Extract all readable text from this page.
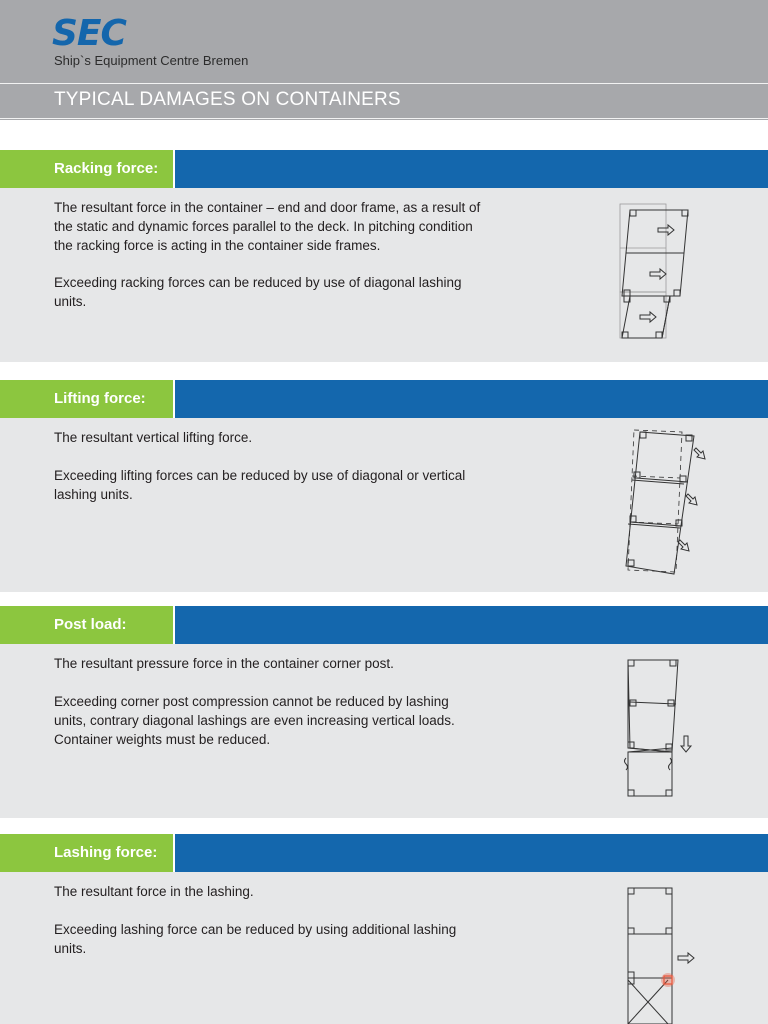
SEC
Ship`s Equipment Centre Bremen
TYPICAL DAMAGES ON CONTAINERS
Racking force:

The resultant force in the container – end and door frame, as a result of the static and dynamic forces parallel to the deck. In pitching condition the racking force is acting in the container side frames.

Exceeding racking forces can be reduced by use of diagonal lashing units.

Lifting force:

The resultant vertical lifting force.

Exceeding lifting forces can be reduced by use of diagonal or vertical lashing units.

Post load:

The resultant pressure force in the container corner post.

Exceeding corner post compression cannot be reduced by lashing units, contrary diagonal lashings are even increasing vertical loads. Container weights must be reduced.

Lashing force:

The resultant force in the lashing.

Exceeding lashing force can be reduced by using additional lashing units.
